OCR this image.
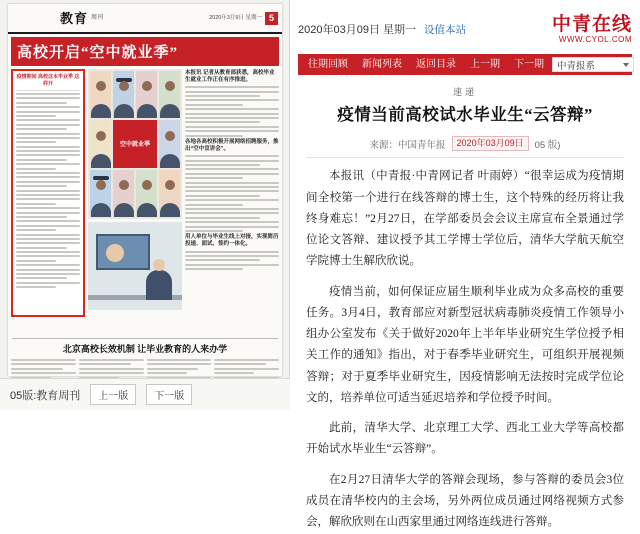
教育 周刊	2020年3月9日 星期一 5
高校开启“空中就业季”
疫情期间 高校这本毕业季 这样开
空中就业季
本报讯 记者从教育部获悉，高校毕业生就业工作正在有序推进。
各地各高校积极开展网络招聘服务，推出“空中宣讲会”。
用人单位与毕业生线上对接，实现简历投递、面试、签约一体化。
北京高校长效机制 让毕业教育的人来办学
05版:教育周刊	上一版	下一版
2020年03月09日 星期一 设值本站	中青在线
WWW.CYOL.COM
往期回顾	新闻列表	返回目录	上一期	下一期	中青报系
速递
疫情当前高校试水毕业生“云答辩”
来源：中国青年报	2020年03月09日	05 版)

本报讯（中青报·中青网记者 叶雨婷）“很幸运成为疫情期间全校第一个进行在线答辩的博士生，这个特殊的经历将让我终身难忘！”2月27日，在学部委员会会议主席宣布全景通过学位论文答辩、建议授予其工学博士学位后，清华大学航天航空学院博士生解欣欣说。

疫情当前，如何保证应届生顺利毕业成为众多高校的重要任务。3月4日，教育部应对新型冠状病毒肺炎疫情工作领导小组办公室发布《关于做好2020年上半年毕业研究生学位授予相关工作的通知》指出，对于春季毕业研究生，可组织开展视频答辩；对于夏季毕业研究生，因疫情影响无法按时完成学位论文的，培养单位可适当延迟培养和学位授予时间。

此前，清华大学、北京理工大学、西北工业大学等高校都开始试水毕业生“云答辩”。

在2月27日清华大学的答辩会现场，参与答辩的委员会3位成员在清华校内的主会场，另外两位成员通过网络视频方式参会，解欣欣则在山西家里通过网络连线进行答辩。
